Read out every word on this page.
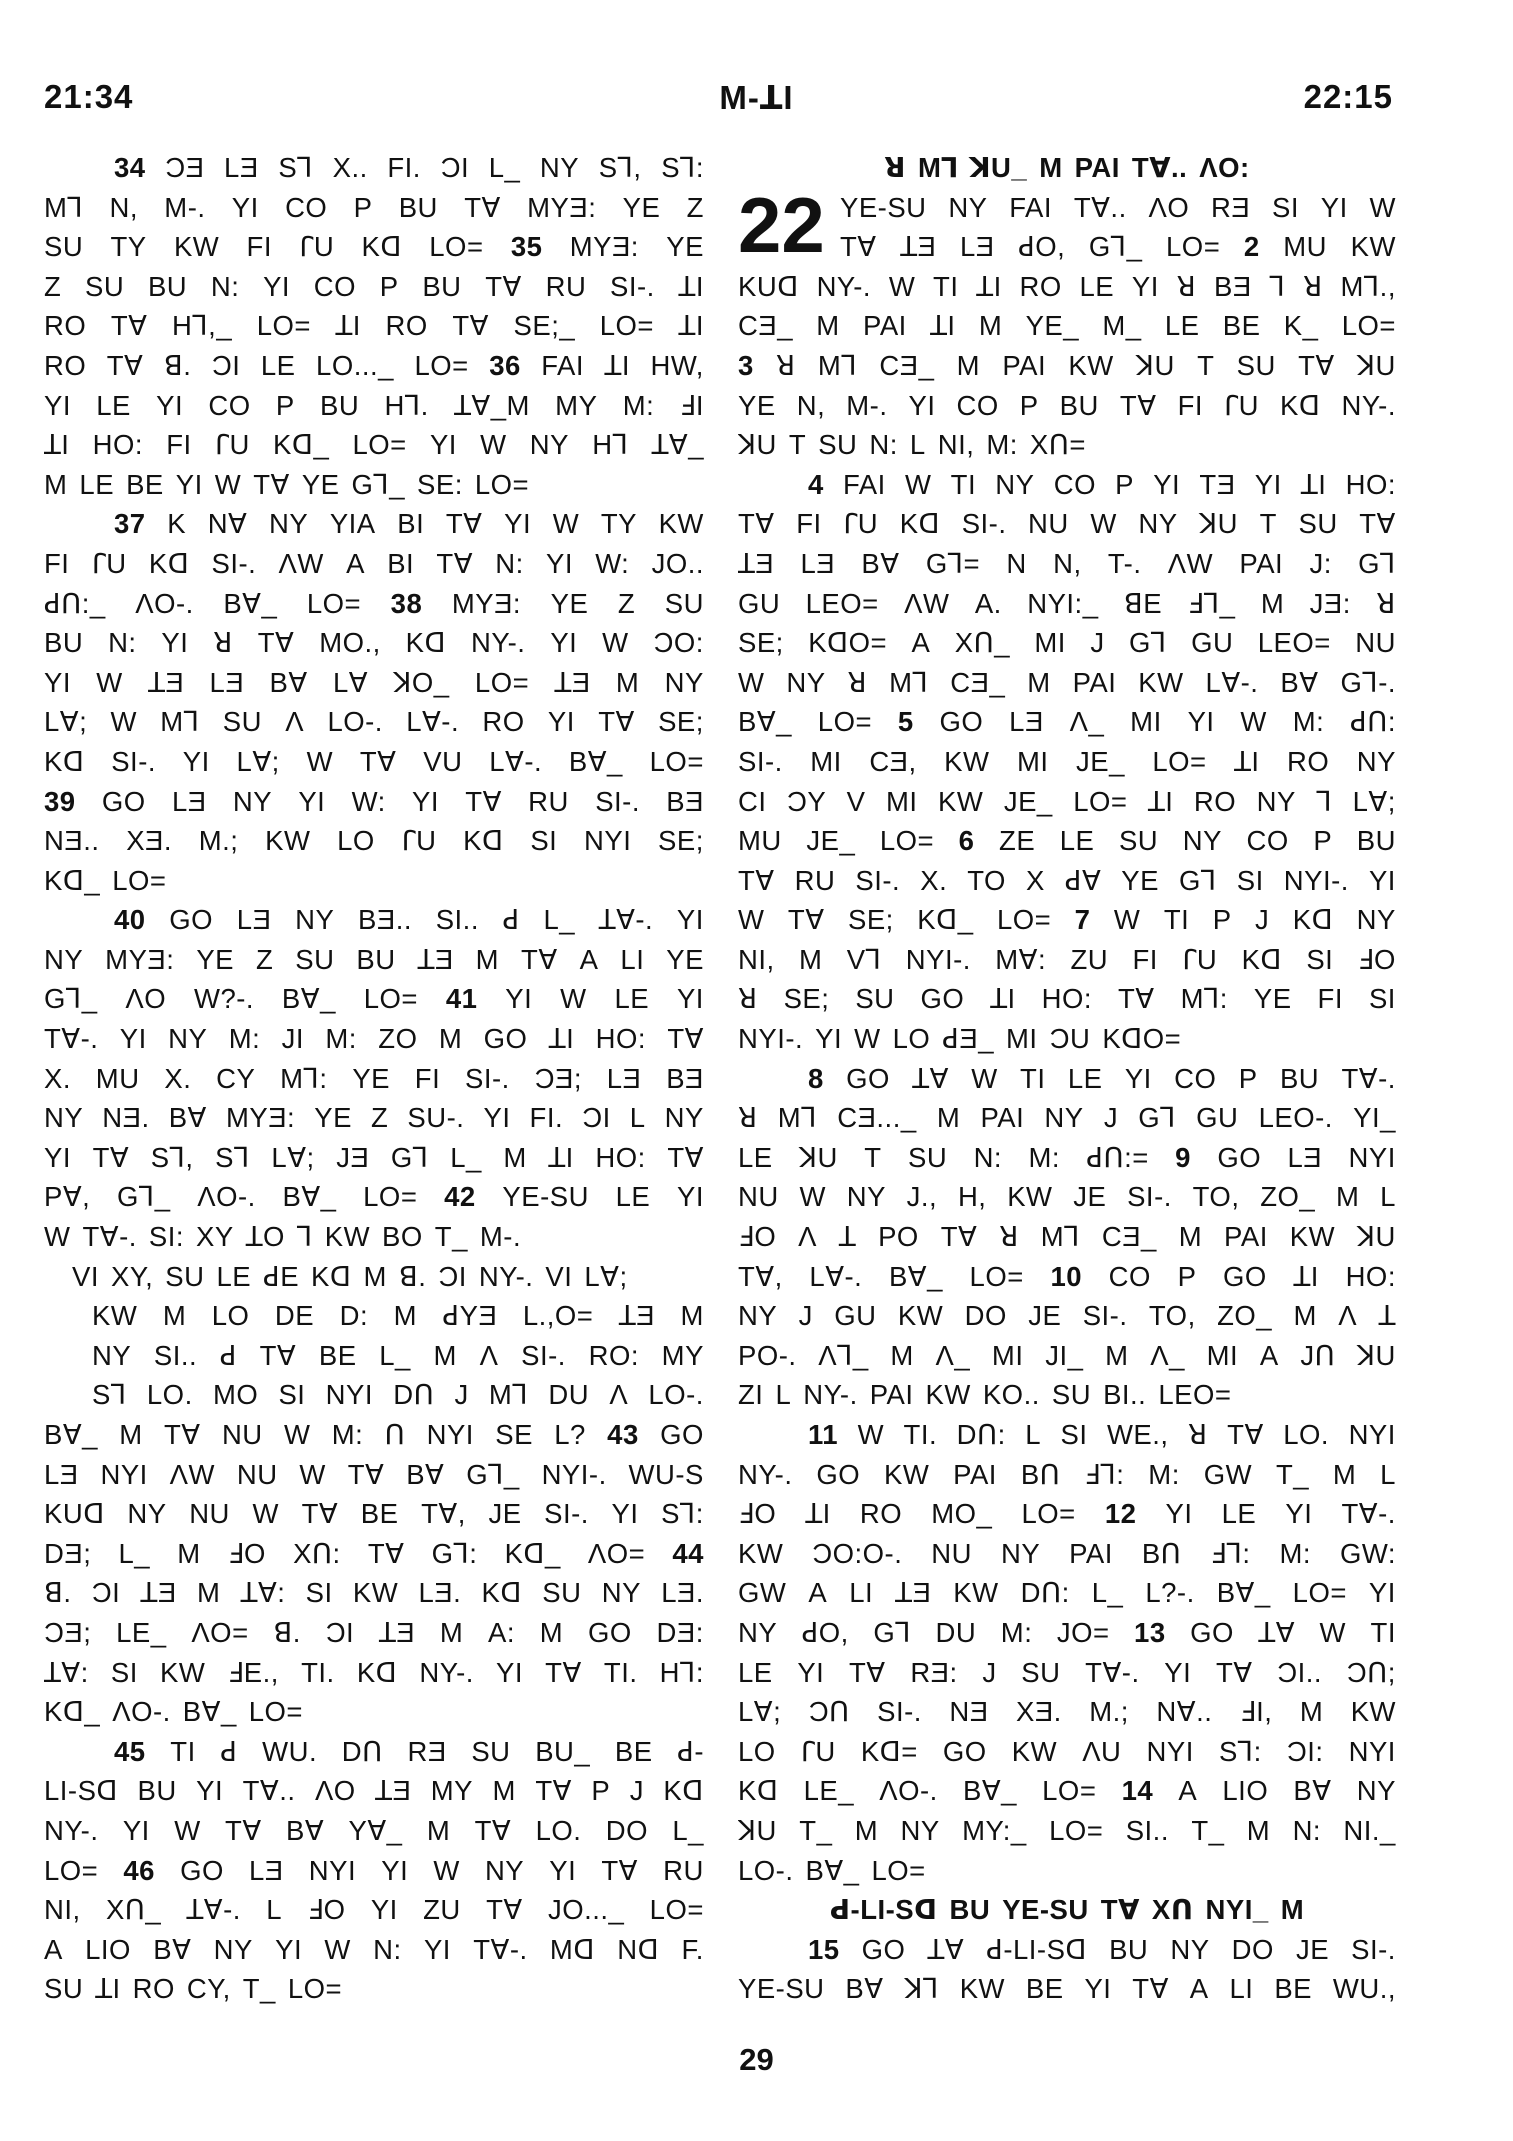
21:34	M-ꓕI	22:15
34 ƆƎ LƎ Sꓶ X.. FI. ƆI L_ NY Sꓶ, Sꓶ:
Mꓶ N, M-. YI CO P BU TⱯ MYƎ: YE Z
SU TY KW FI ꓩU Kꓷ LO= 35 MYƎ: YE
Z SU BU N: YI CO P BU TⱯ RU SI-. ꓕI
RO TⱯ Hꓶ,_ LO= ꓕI RO TⱯ SE;_ LO= ꓕI
RO TⱯ ꓭ. ƆI LE LO..._ LO= 36 FAI ꓕI HW,
YI LE YI CO P BU Hꓶ. ꓕⱯ_M MY M: ꓞI
ꓕI HO: FI ꓩU Kꓷ_ LO= YI W NY Hꓶ ꓕⱯ_
M LE BE YI W TⱯ YE Gꓶ_ SE: LO=
37 K NⱯ NY YIA BI TⱯ YI W TY KW
FI ꓩU Kꓷ SI-. ɅW A BI TⱯ N: YI W: JO..
ꓒꓵ:_ ɅO-. BⱯ_ LO= 38 MYƎ: YE Z SU
BU N: YI ꓤ TⱯ MO., Kꓷ NY-. YI W ƆO:
YI W ꓕƎ LƎ BⱯ LⱯ ꓘO_ LO= ꓕƎ M NY
LⱯ; W Mꓶ SU Ʌ LO-. LⱯ-. RO YI TⱯ SE;
Kꓷ SI-. YI LⱯ; W TⱯ VU LⱯ-. BⱯ_ LO=
39 GO LƎ NY YI W: YI TⱯ RU SI-. BƎ
NƎ.. XƎ. M.; KW LO ꓩU Kꓷ SI NYI SE;
Kꓷ_ LO=
40 GO LƎ NY BƎ.. SI.. ꓒ L_ ꓕⱯ-. YI
NY MYƎ: YE Z SU BU ꓕƎ M TⱯ A LI YE
Gꓶ_ ɅO W?-. BⱯ_ LO= 41 YI W LE YI
TⱯ-. YI NY M: JI M: ZO M GO ꓕI HO: TⱯ
X. MU X. CY Mꓶ: YE FI SI-. ƆƎ; LƎ BƎ
NY NƎ. BⱯ MYƎ: YE Z SU-. YI FI. ƆI L NY
YI TⱯ Sꓶ, Sꓶ LⱯ; JƎ Gꓶ L_ M ꓕI HO: TⱯ
PⱯ, Gꓶ_ ɅO-. BⱯ_ LO= 42 YE-SU LE YI
W TⱯ-. SI: XY ꓕO ꓶ KW BO T_ M-.
VI XY, SU LE ꓒE Kꓷ M ꓭ. ƆI NY-. VI LⱯ;
KW M LO DE D: M ꓒYƎ L.,O= ꓕƎ M
NY SI.. ꓒ TⱯ BE L_ M Ʌ SI-. RO: MY
Sꓶ LO. MO SI NYI Dꓵ J Mꓶ DU Ʌ LO-.
BⱯ_ M TⱯ NU W M: ꓵ NYI SE L? 43 GO
LƎ NYI ɅW NU W TⱯ BⱯ Gꓶ_ NYI-. WU-S
KUꓷ NY NU W TⱯ BE TⱯ, JE SI-. YI Sꓶ:
DƎ; L_ M ꓞO Xꓵ: TⱯ Gꓶ: Kꓷ_ ɅO= 44
ꓭ. ƆI ꓕƎ M ꓕⱯ: SI KW LƎ. Kꓷ SU NY LƎ.
ƆƎ; LE_ ɅO= ꓭ. ƆI ꓕƎ M A: M GO DƎ:
ꓕⱯ: SI KW ꓞE., TI. Kꓷ NY-. YI TⱯ TI. Hꓶ:
Kꓷ_ ɅO-. BⱯ_ LO=
45 TI ꓒ WU. Dꓵ RƎ SU BU_ BE ꓒ-
LI-Sꓷ BU YI TⱯ.. ɅO ꓕƎ MY M TⱯ P J Kꓷ
NY-. YI W TⱯ BⱯ YⱯ_ M TⱯ LO. DO L_
LO= 46 GO LƎ NYI YI W NY YI TⱯ RU
NI, Xꓵ_ ꓕⱯ-. L ꓞO YI ZU TⱯ JO..._ LO=
A LIO BⱯ NY YI W N: YI TⱯ-. Mꓷ Nꓷ F.
SU ꓕI RO CY, T_ LO=
22
ꓤ Mꓶ ꓘU_ M PAI TⱯ.. ɅO:
YE-SU NY FAI TⱯ.. ɅO RƎ SI YI W
TⱯ ꓕƎ LƎ ꓒO, Gꓶ_ LO= 2 MU KW
KUꓷ NY-. W TI ꓕI RO LE YI ꓤ BƎ ꓶ ꓤ Mꓶ.,
CƎ_ M PAI ꓕI M YE_ M_ LE BE K_ LO=
3 ꓤ Mꓶ CƎ_ M PAI KW ꓘU T SU TⱯ ꓘU
YE N, M-. YI CO P BU TⱯ FI ꓩU Kꓷ NY-.
ꓘU T SU N: L NI, M: Xꓵ=
4 FAI W TI NY CO P YI TƎ YI ꓕI HO:
TⱯ FI ꓩU Kꓷ SI-. NU W NY ꓘU T SU TⱯ
ꓕƎ LƎ BⱯ Gꓶ= N N, T-. ɅW PAI J: Gꓶ
GU LEO= ɅW A. NYI:_ ꓭE ꓞꓶ_ M JƎ: ꓤ
SE; KꓷO= A Xꓵ_ MI J Gꓶ GU LEO= NU
W NY ꓤ Mꓶ CƎ_ M PAI KW LⱯ-. BⱯ Gꓶ-.
BⱯ_ LO= 5 GO LƎ Ʌ_ MI YI W M: ꓒꓵ:
SI-. MI CƎ, KW MI JE_ LO= ꓕI RO NY
CI ƆY V MI KW JE_ LO= ꓕI RO NY ꓶ LⱯ;
MU JE_ LO= 6 ZE LE SU NY CO P BU
TⱯ RU SI-. X. TO X ꓒⱯ YE Gꓶ SI NYI-. YI
W TⱯ SE; Kꓷ_ LO= 7 W TI P J Kꓷ NY
NI, M Vꓶ NYI-. MⱯ: ZU FI ꓩU Kꓷ SI ꓞO
ꓤ SE; SU GO ꓕI HO: TⱯ Mꓶ: YE FI SI
NYI-. YI W LO ꓒƎ_ MI ƆU KꓷO=
8 GO ꓕⱯ W TI LE YI CO P BU TⱯ-.
ꓤ Mꓶ CƎ..._ M PAI NY J Gꓶ GU LEO-. YI_
LE ꓘU T SU N: M: ꓒꓵ:= 9 GO LƎ NYI
NU W NY J., H, KW JE SI-. TO, ZO_ M L
ꓞO Ʌ ꓕ PO TⱯ ꓤ Mꓶ CƎ_ M PAI KW ꓘU
TⱯ, LⱯ-. BⱯ_ LO= 10 CO P GO ꓕI HO:
NY J GU KW DO JE SI-. TO, ZO_ M Ʌ ꓕ
PO-. Ʌꓶ_ M Ʌ_ MI JI_ M Ʌ_ MI A Jꓵ ꓘU
ZI L NY-. PAI KW KO.. SU BI.. LEO=
11 W TI. Dꓵ: L SI WE., ꓤ TⱯ LO. NYI
NY-. GO KW PAI Bꓵ ꓞꓶ: M: GW T_ M L
ꓞO ꓕI RO MO_ LO= 12 YI LE YI TⱯ-.
KW ƆO:O-. NU NY PAI Bꓵ ꓞꓶ: M: GW:
GW A LI ꓕƎ KW Dꓵ: L_ L?-. BⱯ_ LO= YI
NY ꓒO, Gꓶ DU M: JO= 13 GO ꓕⱯ W TI
LE YI TⱯ RƎ: J SU TⱯ-. YI TⱯ ƆI.. Ɔꓵ;
LⱯ; Ɔꓵ SI-. NƎ XƎ. M.; NⱯ.. ꓞI, M KW
LO ꓩU Kꓷ= GO KW ɅU NYI Sꓶ: ƆI: NYI
Kꓷ LE_ ɅO-. BⱯ_ LO= 14 A LIO BⱯ NY
ꓘU T_ M NY MY:_ LO= SI.. T_ M N: NI._
LO-. BⱯ_ LO=
ꓒ-LI-Sꓷ BU YE-SU TⱯ Xꓵ NYI_ M
15 GO ꓕⱯ ꓒ-LI-Sꓷ BU NY DO JE SI-.
YE-SU BⱯ ꓘꓶ KW BE YI TⱯ A LI BE WU.,
29
